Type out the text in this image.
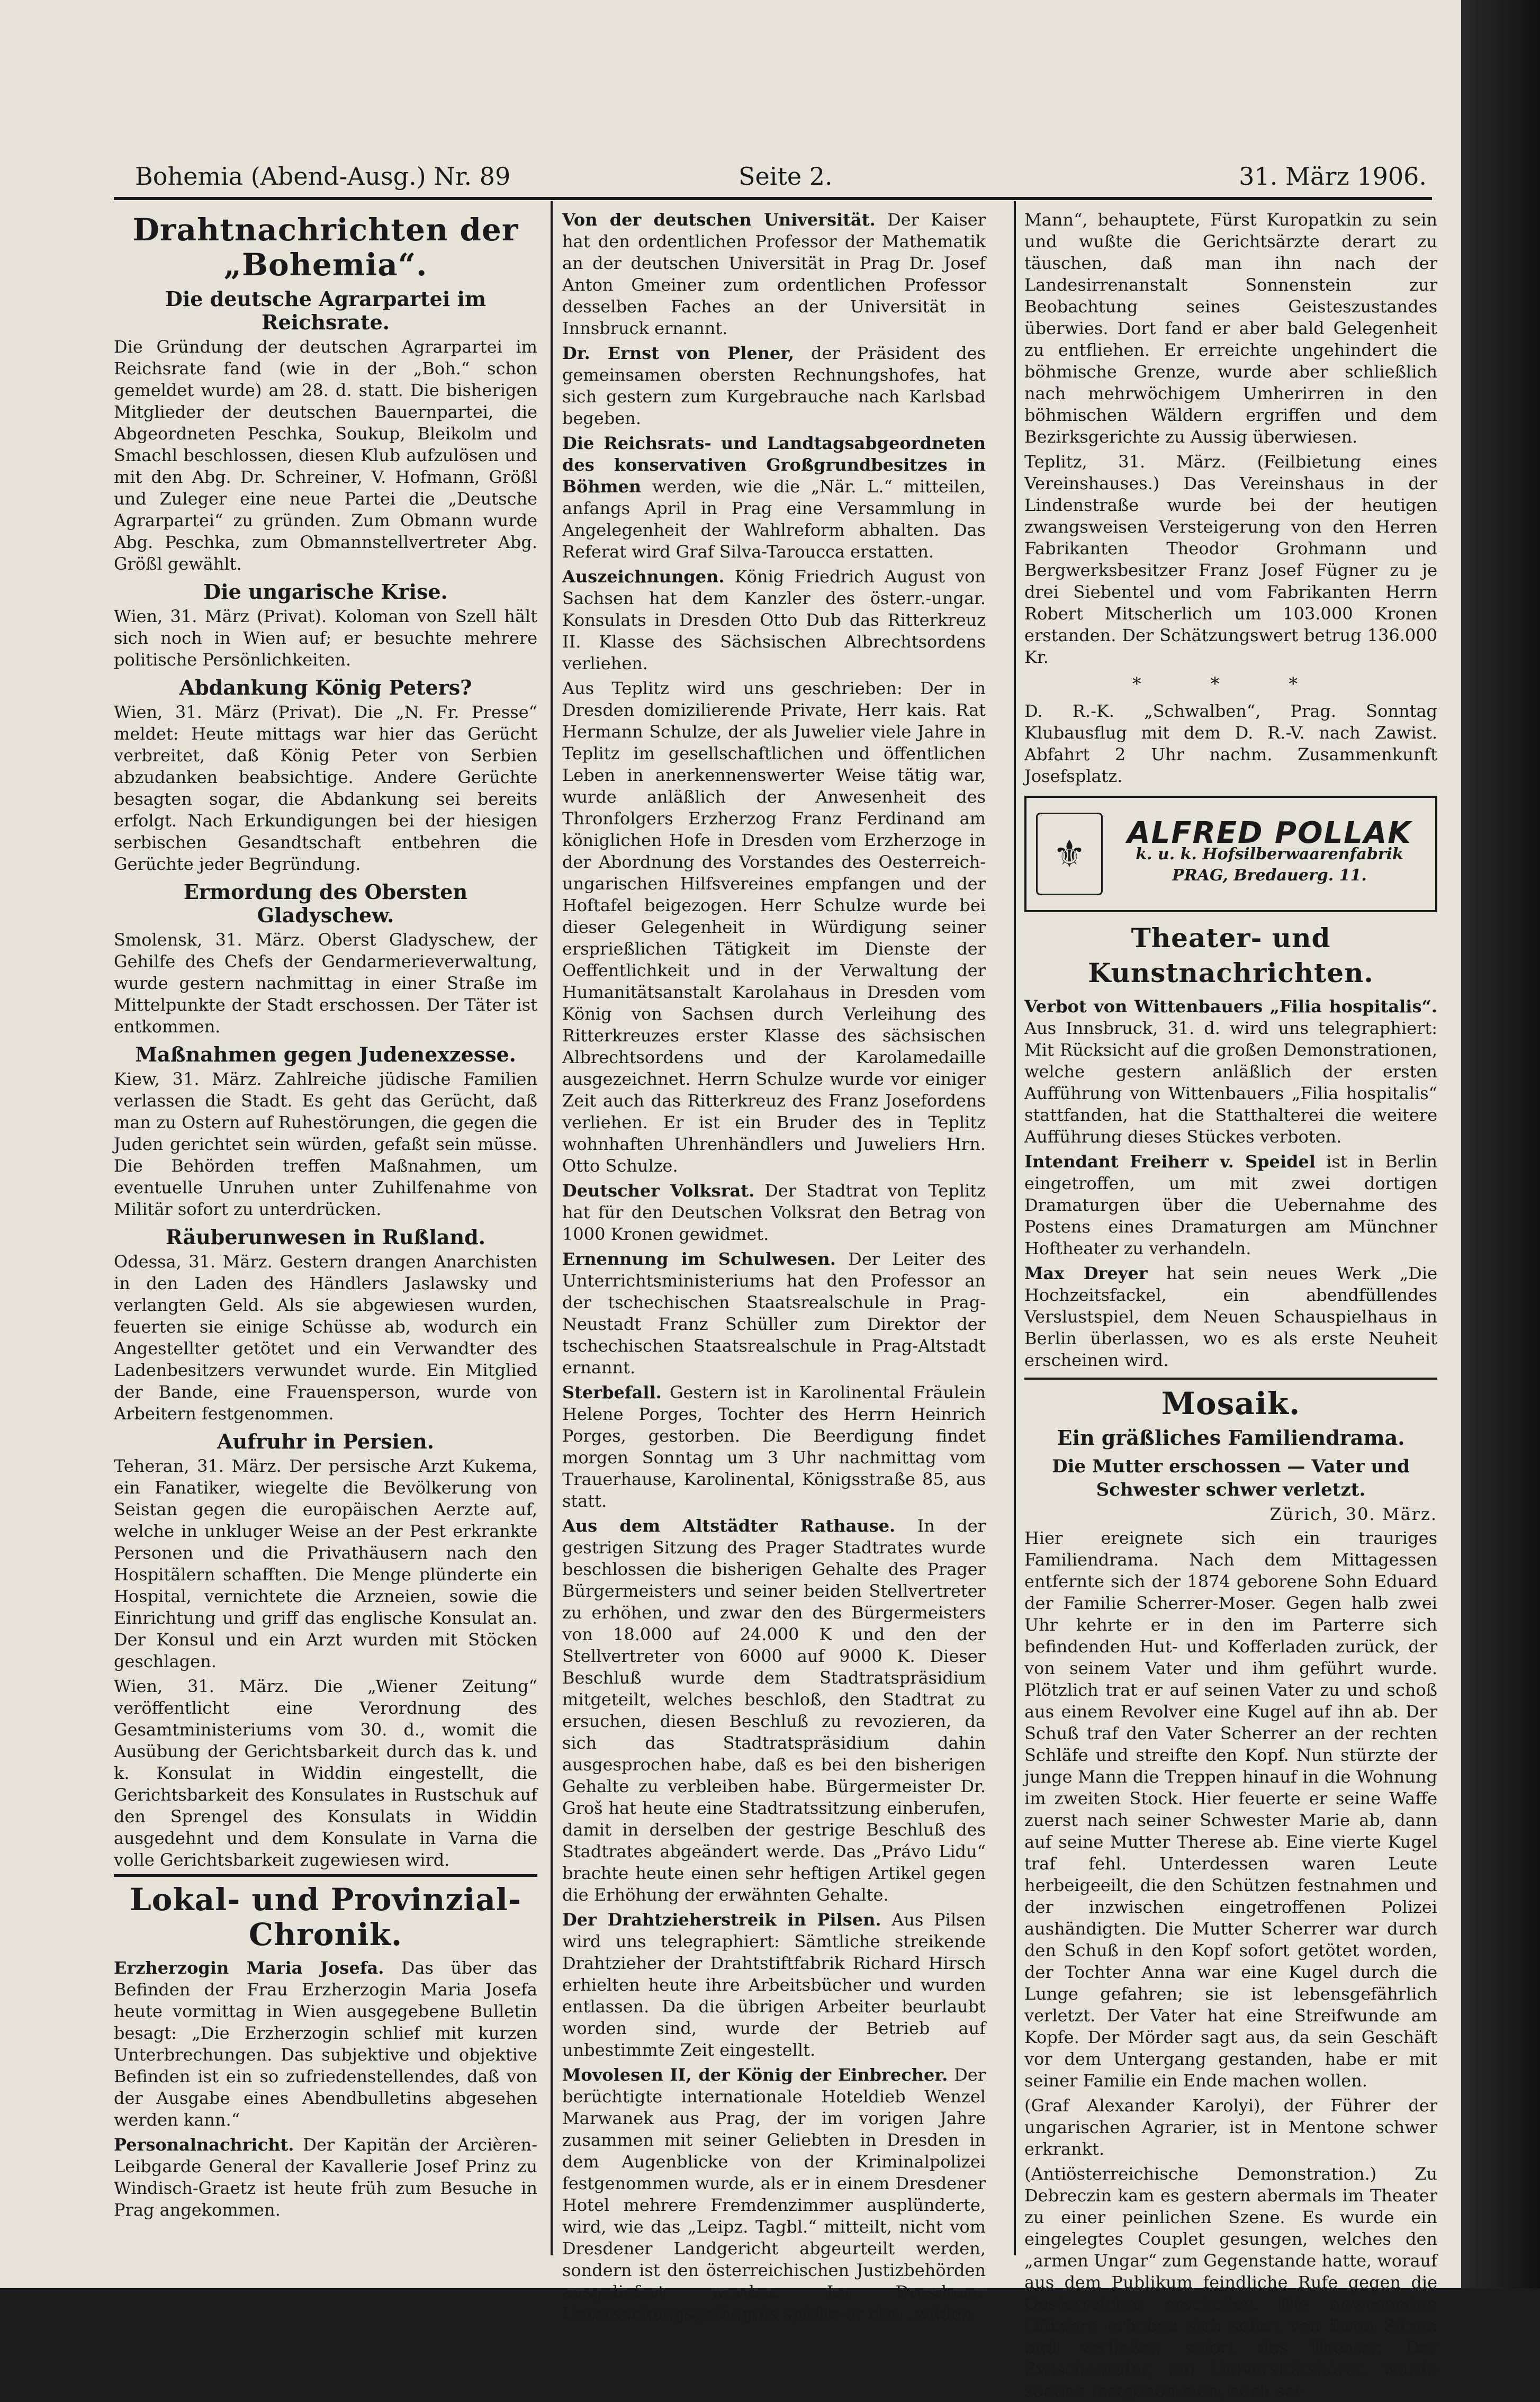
Bohemia (Abend-Ausg.) Nr. 89	Seite 2.	31. März 1906.
Drahtnachrichten der „Bohemia“.
Die deutsche Agrarpartei im Reichsrate.
Die Gründung der deutschen Agrarpartei im Reichsrate fand (wie in der „Boh.“ schon gemeldet wurde) am 28. d. statt. Die bisherigen Mitglieder der deutschen Bauernpartei, die Abgeordneten Peschka, Soukup, Bleikolm und Smachl beschlossen, diesen Klub aufzulösen und mit den Abg. Dr. Schreiner, V. Hofmann, Größl und Zuleger eine neue Partei die „Deutsche Agrarpartei“ zu gründen. Zum Obmann wurde Abg. Peschka, zum Obmannstellvertreter Abg. Größl gewählt.
Die ungarische Krise.
Wien, 31. März (Privat). Koloman von Szell hält sich noch in Wien auf; er besuchte mehrere politische Persönlichkeiten.
Abdankung König Peters?
Wien, 31. März (Privat). Die „N. Fr. Presse“ meldet: Heute mittags war hier das Gerücht verbreitet, daß König Peter von Serbien abzudanken beabsichtige. Andere Gerüchte besagten sogar, die Abdankung sei bereits erfolgt. Nach Erkundigungen bei der hiesigen serbischen Gesandtschaft entbehren die Gerüchte jeder Begründung.
Ermordung des Obersten Gladyschew.
Smolensk, 31. März. Oberst Gladyschew, der Gehilfe des Chefs der Gendarmerieverwaltung, wurde gestern nachmittag in einer Straße im Mittelpunkte der Stadt erschossen. Der Täter ist entkommen.
Maßnahmen gegen Judenexzesse.
Kiew, 31. März. Zahlreiche jüdische Familien verlassen die Stadt. Es geht das Gerücht, daß man zu Ostern auf Ruhestörungen, die gegen die Juden gerichtet sein würden, gefaßt sein müsse. Die Behörden treffen Maßnahmen, um eventuelle Unruhen unter Zuhilfenahme von Militär sofort zu unterdrücken.
Räuberunwesen in Rußland.
Odessa, 31. März. Gestern drangen Anarchisten in den Laden des Händlers Jaslawsky und verlangten Geld. Als sie abgewiesen wurden, feuerten sie einige Schüsse ab, wodurch ein Angestellter getötet und ein Verwandter des Ladenbesitzers verwundet wurde. Ein Mitglied der Bande, eine Frauensperson, wurde von Arbeitern festgenommen.
Aufruhr in Persien.
Teheran, 31. März. Der persische Arzt Kukema, ein Fanatiker, wiegelte die Bevölkerung von Seistan gegen die europäischen Aerzte auf, welche in unkluger Weise an der Pest erkrankte Personen und die Privathäusern nach den Hospitälern schafften. Die Menge plünderte ein Hospital, vernichtete die Arzneien, sowie die Einrichtung und griff das englische Konsulat an. Der Konsul und ein Arzt wurden mit Stöcken geschlagen.
Wien, 31. März. Die „Wiener Zeitung“ veröffentlicht eine Verordnung des Gesamtministeriums vom 30. d., womit die Ausübung der Gerichtsbarkeit durch das k. und k. Konsulat in Widdin eingestellt, die Gerichtsbarkeit des Konsulates in Rustschuk auf den Sprengel des Konsulats in Widdin ausgedehnt und dem Konsulate in Varna die volle Gerichtsbarkeit zugewiesen wird.
Lokal- und Provinzial-Chronik.
Erzherzogin Maria Josefa. Das über das Befinden der Frau Erzherzogin Maria Josefa heute vormittag in Wien ausgegebene Bulletin besagt: „Die Erzherzogin schlief mit kurzen Unterbrechungen. Das subjektive und objektive Befinden ist ein so zufriedenstellendes, daß von der Ausgabe eines Abendbulletins abgesehen werden kann.“
Personalnachricht. Der Kapitän der Arcièren-Leibgarde General der Kavallerie Josef Prinz zu Windisch-Graetz ist heute früh zum Besuche in Prag angekommen.
Von der deutschen Universität. Der Kaiser hat den ordentlichen Professor der Mathematik an der deutschen Universität in Prag Dr. Josef Anton Gmeiner zum ordentlichen Professor desselben Faches an der Universität in Innsbruck ernannt.
Dr. Ernst von Plener, der Präsident des gemeinsamen obersten Rechnungshofes, hat sich gestern zum Kurgebrauche nach Karlsbad begeben.
Die Reichsrats- und Landtagsabgeordneten des konservativen Großgrundbesitzes in Böhmen werden, wie die „När. L.“ mitteilen, anfangs April in Prag eine Versammlung in Angelegenheit der Wahlreform abhalten. Das Referat wird Graf Silva-Taroucca erstatten.
Auszeichnungen. König Friedrich August von Sachsen hat dem Kanzler des österr.-ungar. Konsulats in Dresden Otto Dub das Ritterkreuz II. Klasse des Sächsischen Albrechtsordens verliehen.
Aus Teplitz wird uns geschrieben: Der in Dresden domizilierende Private, Herr kais. Rat Hermann Schulze, der als Juwelier viele Jahre in Teplitz im gesellschaftlichen und öffentlichen Leben in anerkennenswerter Weise tätig war, wurde anläßlich der Anwesenheit des Thronfolgers Erzherzog Franz Ferdinand am königlichen Hofe in Dresden vom Erzherzoge in der Abordnung des Vorstandes des Oesterreich-ungarischen Hilfsvereines empfangen und der Hoftafel beigezogen. Herr Schulze wurde bei dieser Gelegenheit in Würdigung seiner ersprießlichen Tätigkeit im Dienste der Oeffentlichkeit und in der Verwaltung der Humanitätsanstalt Karolahaus in Dresden vom König von Sachsen durch Verleihung des Ritterkreuzes erster Klasse des sächsischen Albrechtsordens und der Karolamedaille ausgezeichnet. Herrn Schulze wurde vor einiger Zeit auch das Ritterkreuz des Franz Josefordens verliehen. Er ist ein Bruder des in Teplitz wohnhaften Uhrenhändlers und Juweliers Hrn. Otto Schulze.
Deutscher Volksrat. Der Stadtrat von Teplitz hat für den Deutschen Volksrat den Betrag von 1000 Kronen gewidmet.
Ernennung im Schulwesen. Der Leiter des Unterrichtsministeriums hat den Professor an der tschechischen Staatsrealschule in Prag-Neustadt Franz Schüller zum Direktor der tschechischen Staatsrealschule in Prag-Altstadt ernannt.
Sterbefall. Gestern ist in Karolinental Fräulein Helene Porges, Tochter des Herrn Heinrich Porges, gestorben. Die Beerdigung findet morgen Sonntag um 3 Uhr nachmittag vom Trauerhause, Karolinental, Königsstraße 85, aus statt.
Aus dem Altstädter Rathause. In der gestrigen Sitzung des Prager Stadtrates wurde beschlossen die bisherigen Gehalte des Prager Bürgermeisters und seiner beiden Stellvertreter zu erhöhen, und zwar den des Bürgermeisters von 18.000 auf 24.000 K und den der Stellvertreter von 6000 auf 9000 K. Dieser Beschluß wurde dem Stadtratspräsidium mitgeteilt, welches beschloß, den Stadtrat zu ersuchen, diesen Beschluß zu revozieren, da sich das Stadtratspräsidium dahin ausgesprochen habe, daß es bei den bisherigen Gehalte zu verbleiben habe. Bürgermeister Dr. Groš hat heute eine Stadtratssitzung einberufen, damit in derselben der gestrige Beschluß des Stadtrates abgeändert werde. Das „Právo Lidu“ brachte heute einen sehr heftigen Artikel gegen die Erhöhung der erwähnten Gehalte.
Der Drahtzieherstreik in Pilsen. Aus Pilsen wird uns telegraphiert: Sämtliche streikende Drahtzieher der Drahtstiftfabrik Richard Hirsch erhielten heute ihre Arbeitsbücher und wurden entlassen. Da die übrigen Arbeiter beurlaubt worden sind, wurde der Betrieb auf unbestimmte Zeit eingestellt.
Movolesen II, der König der Einbrecher. Der berüchtigte internationale Hoteldieb Wenzel Marwanek aus Prag, der im vorigen Jahre zusammen mit seiner Geliebten in Dresden in dem Augenblicke von der Kriminalpolizei festgenommen wurde, als er in einem Dresdener Hotel mehrere Fremdenzimmer ausplünderte, wird, wie das „Leipz. Tagbl.“ mitteilt, nicht vom Dresdener Landgericht abgeurteilt werden, sondern ist den österreichischen Justizbehörden ausgeliefert worden. Im Dresdener Untersuchungsgefängnis spielte er den „wilden
Mann“, behauptete, Fürst Kuropatkin zu sein und wußte die Gerichtsärzte derart zu täuschen, daß man ihn nach der Landesirrenanstalt Sonnenstein zur Beobachtung seines Geisteszustandes überwies. Dort fand er aber bald Gelegenheit zu entfliehen. Er erreichte ungehindert die böhmische Grenze, wurde aber schließlich nach mehrwöchigem Umherirren in den böhmischen Wäldern ergriffen und dem Bezirksgerichte zu Aussig überwiesen.
Teplitz, 31. März. (Feilbietung eines Vereinshauses.) Das Vereinshaus in der Lindenstraße wurde bei der heutigen zwangsweisen Versteigerung von den Herren Fabrikanten Theodor Grohmann und Bergwerksbesitzer Franz Josef Fügner zu je drei Siebentel und vom Fabrikanten Herrn Robert Mitscherlich um 103.000 Kronen erstanden. Der Schätzungswert betrug 136.000 Kr.
* * *
D. R.-K. „Schwalben“, Prag. Sonntag Klubausflug mit dem D. R.-V. nach Zawist. Abfahrt 2 Uhr nachm. Zusammenkunft Josefsplatz.
⚜	ALFRED POLLAK
k. u. k. Hofsilberwaarenfabrik
PRAG, Bredauerg. 11.
Theater- und Kunstnachrichten.
Verbot von Wittenbauers „Filia hospitalis“. Aus Innsbruck, 31. d. wird uns telegraphiert: Mit Rücksicht auf die großen Demonstrationen, welche gestern anläßlich der ersten Aufführung von Wittenbauers „Filia hospitalis“ stattfanden, hat die Statthalterei die weitere Aufführung dieses Stückes verboten.
Intendant Freiherr v. Speidel ist in Berlin eingetroffen, um mit zwei dortigen Dramaturgen über die Uebernahme des Postens eines Dramaturgen am Münchner Hoftheater zu verhandeln.
Max Dreyer hat sein neues Werk „Die Hochzeitsfackel, ein abendfüllendes Verslustspiel, dem Neuen Schauspielhaus in Berlin überlassen, wo es als erste Neuheit erscheinen wird.
Mosaik.
Ein gräßliches Familiendrama.
Die Mutter erschossen — Vater und Schwester schwer verletzt.
Zürich, 30. März.
Hier ereignete sich ein trauriges Familiendrama. Nach dem Mittagessen entfernte sich der 1874 geborene Sohn Eduard der Familie Scherrer-Moser. Gegen halb zwei Uhr kehrte er in den im Parterre sich befindenden Hut- und Kofferladen zurück, der von seinem Vater und ihm geführt wurde. Plötzlich trat er auf seinen Vater zu und schoß aus einem Revolver eine Kugel auf ihn ab. Der Schuß traf den Vater Scherrer an der rechten Schläfe und streifte den Kopf. Nun stürzte der junge Mann die Treppen hinauf in die Wohnung im zweiten Stock. Hier feuerte er seine Waffe zuerst nach seiner Schwester Marie ab, dann auf seine Mutter Therese ab. Eine vierte Kugel traf fehl. Unterdessen waren Leute herbeigeeilt, die den Schützen festnahmen und der inzwischen eingetroffenen Polizei aushändigten. Die Mutter Scherrer war durch den Schuß in den Kopf sofort getötet worden, der Tochter Anna war eine Kugel durch die Lunge gefahren; sie ist lebensgefährlich verletzt. Der Vater hat eine Streifwunde am Kopfe. Der Mörder sagt aus, da sein Geschäft vor dem Untergang gestanden, habe er mit seiner Familie ein Ende machen wollen.
(Graf Alexander Karolyi), der Führer der ungarischen Agrarier, ist in Mentone schwer erkrankt.
(Antiösterreichische Demonstration.) Zu Debreczin kam es gestern abermals im Theater zu einer peinlichen Szene. Es wurde ein eingelegtes Couplet gesungen, welches den „armen Ungar“ zum Gegenstande hatte, worauf aus dem Publikum feindliche Rufe gegen die Oesterreicher erschollen. Die anwesenden Offiziere erhoben sich sofort von ihren Sitzen und verließen sofort das Theater. Der Zwischenrufer, ein Universitätshörer, wurde sodann festgenommen, nach sei-
